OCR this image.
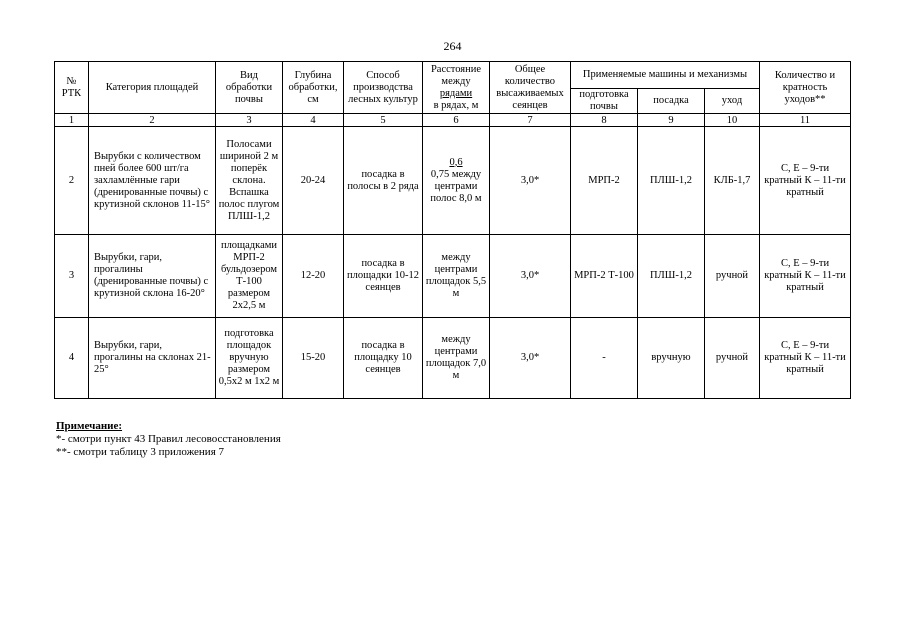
264
№ РТК	Категория площадей	Вид обработки почвы	Глубина обработки, см	Способ производства лесных культур	Расстояние между
рядами
в рядах, м	Общее количество высаживаемых сеянцев	Применяемые машины и механизмы			Количество и кратность уходов**
							подготовка почвы	посадка	уход	
1	2	3	4	5	6	7	8	9	10	11
2	Вырубки с количеством пней более 600 шт/га захламлённые гари (дренированные почвы) с крутизной склонов 11-15°	Полосами шириной 2 м поперёк склона. Вспашка полос плугом ПЛШ-1,2	20-24	посадка в полосы в 2 ряда	0,6
0,75 между центрами полос 8,0 м	3,0*	МРП-2	ПЛШ-1,2	КЛБ-1,7	С, Е – 9-ти кратный К – 11-ти кратный
3	Вырубки, гари, прогалины (дренированные почвы) с крутизной склона 16-20°	площадками МРП-2 бульдозером Т-100 размером 2х2,5 м	12-20	посадка в площадки 10-12 сеянцев	между центрами площадок 5,5 м	3,0*	МРП-2 Т-100	ПЛШ-1,2	ручной	С, Е – 9-ти кратный К – 11-ти кратный
4	Вырубки, гари, прогалины на склонах 21-25°	подготовка площадок вручную размером 0,5х2 м 1х2 м	15-20	посадка в площадку 10 сеянцев	между центрами площадок 7,0 м	3,0*	-	вручную	ручной	С, Е – 9-ти кратный К – 11-ти кратный
Примечание:
*- смотри пункт 43 Правил лесовосстановления
**- смотри таблицу 3 приложения 7
